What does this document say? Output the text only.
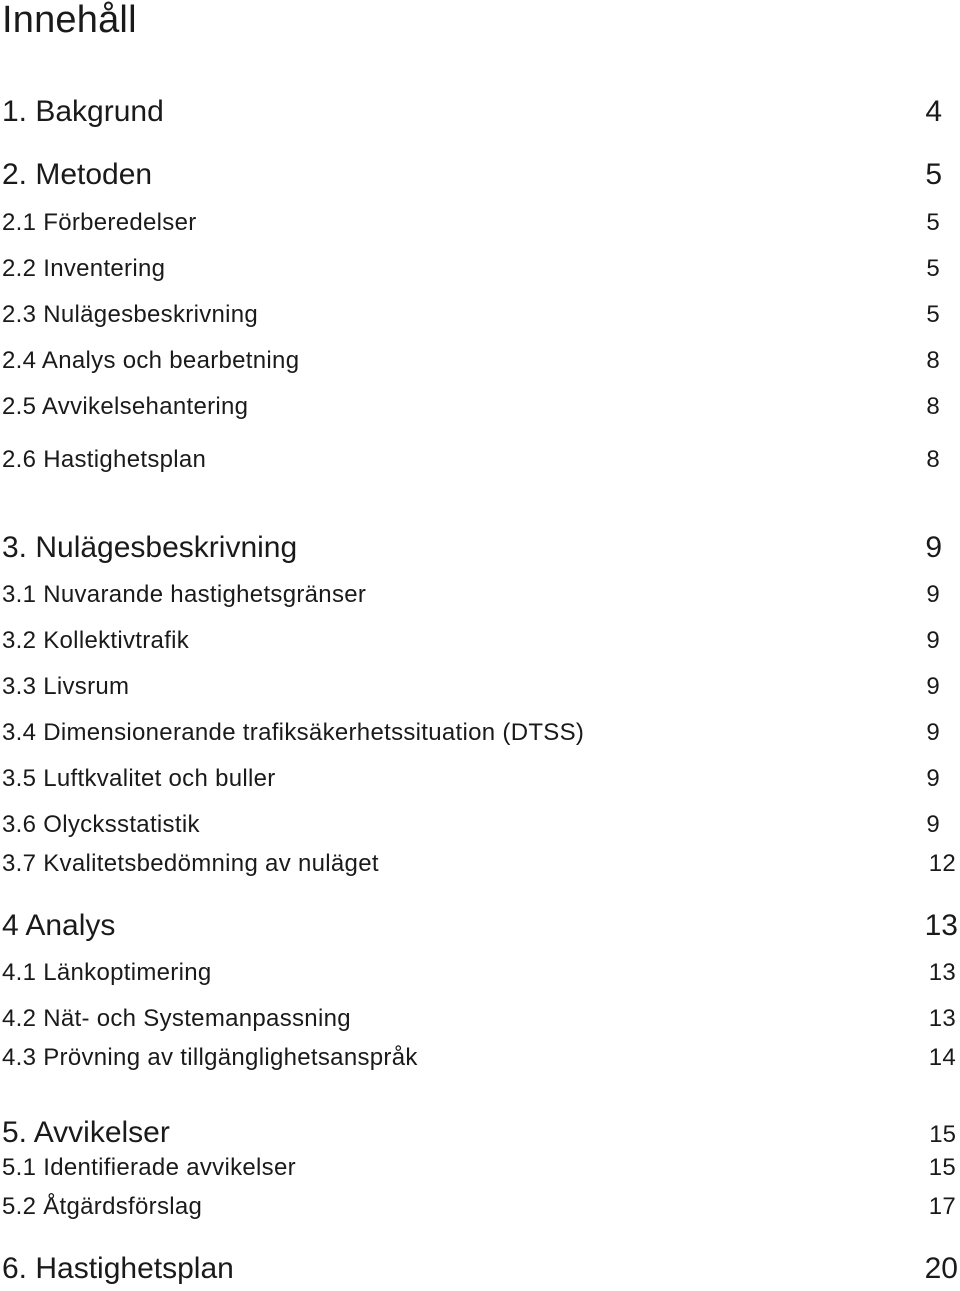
Innehåll
1. Bakgrund	4
2. Metoden	5
2.1 Förberedelser	5
2.2 Inventering	5
2.3 Nulägesbeskrivning	5
2.4 Analys och bearbetning	8
2.5 Avvikelsehantering	8
2.6 Hastighetsplan	8
3. Nulägesbeskrivning	9
3.1 Nuvarande hastighetsgränser	9
3.2 Kollektivtrafik	9
3.3 Livsrum	9
3.4 Dimensionerande trafiksäkerhetssituation (DTSS)	9
3.5 Luftkvalitet och buller	9
3.6 Olycksstatistik	9
3.7 Kvalitetsbedömning av nuläget	12
4 Analys	13
4.1 Länkoptimering	13
4.2 Nät- och Systemanpassning	13
4.3 Prövning av tillgänglighetsanspråk	14
5. Avvikelser	15
5.1 Identifierade avvikelser	15
5.2 Åtgärdsförslag	17
6. Hastighetsplan	20
